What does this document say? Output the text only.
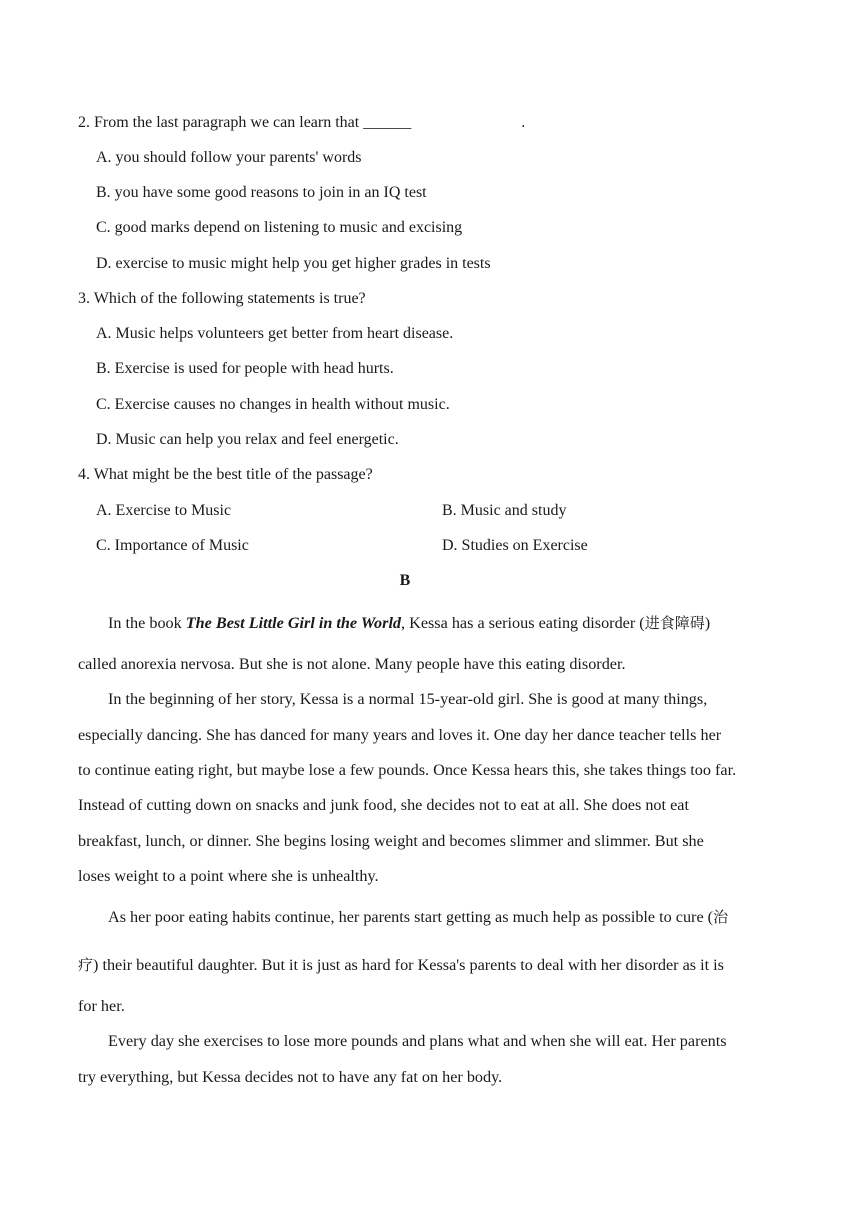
2. From the last paragraph we can learn that ______	.
A. you should follow your parents' words
B. you have some good reasons to join in an IQ test
C. good marks depend on listening to music and excising
D. exercise to music might help you get higher grades in tests
3. Which of the following statements is true?
A. Music helps volunteers get better from heart disease.
B. Exercise is used for people with head hurts.
C. Exercise causes no changes in health without music.
D. Music can help you relax and feel energetic.
4. What might be the best title of the passage?
A. Exercise to Music	B. Music and study
C. Importance of Music	D. Studies on Exercise
B
In the book The Best Little Girl in the World, Kessa has a serious eating disorder (进食障碍)
called anorexia nervosa. But she is not alone. Many people have this eating disorder.
In the beginning of her story, Kessa is a normal 15-year-old girl. She is good at many things,
especially dancing. She has danced for many years and loves it. One day her dance teacher tells her
to continue eating right, but maybe lose a few pounds. Once Kessa hears this, she takes things too far.
Instead of cutting down on snacks and junk food, she decides not to eat at all. She does not eat
breakfast, lunch, or dinner. She begins losing weight and becomes slimmer and slimmer. But she
loses weight to a point where she is unhealthy.
As her poor eating habits continue, her parents start getting as much help as possible to cure (治
疗) their beautiful daughter. But it is just as hard for Kessa's parents to deal with her disorder as it is
for her.
Every day she exercises to lose more pounds and plans what and when she will eat. Her parents
try everything, but Kessa decides not to have any fat on her body.
